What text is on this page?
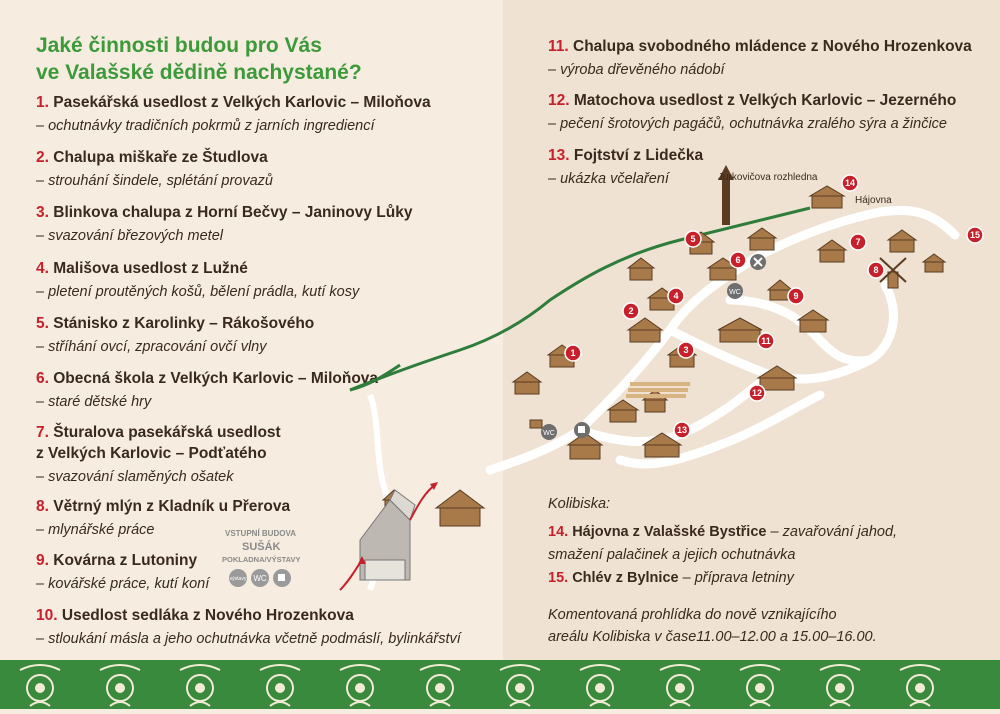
Jaké činnosti budou pro Vás
ve Valašské dědině nachystané?
1. Pasekářská usedlost z Velkých Karlovic – Miloňova
– ochutnávky tradičních pokrmů z jarních ingrediencí
2. Chalupa miškaře ze Študlova
– strouhání šindele, splétání provazů
3. Blinkova chalupa z Horní Bečvy – Janinovy Lůky
– svazování březových metel
4. Mališova usedlost z Lužné
– pletení proutěných košů, bělení prádla, kutí kosy
5. Stánisko z Karolinky – Rákošového
– stříhání ovcí, zpracování ovčí vlny
6. Obecná škola z Velkých Karlovic – Miloňova
– staré dětské hry
7. Šturalova pasekářská usedlost
z Velkých Karlovic – Podťatého
– svazování slaměných ošatek
8. Větrný mlýn z Kladník u Přerova
– mlynářské práce
9. Kovárna z Lutoniny
– kovářské práce, kutí koní
10. Usedlost sedláka z Nového Hrozenkova
– stloukání másla a jeho ochutnávka včetně podmáslí, bylinkářství
11. Chalupa svobodného mládence z Nového Hrozenkova
– výroba dřevěného nádobí
12. Matochova usedlost z Velkých Karlovic – Jezerného
– pečení šrotových pagáčů, ochutnávka zralého sýra a žinčice
13. Fojtství z Lidečka
– ukázka včelaření	Jurkovičova rozhledna
Hájovna
VSTUPNÍ BUDOVA
SUŠÁK
POKLADNA/VÝSTAVY
výstavy WC
WC
WC
1
2
3
4
5
6
7
8
9
11
12
13
14
15
Kolibiska:
14. Hájovna z Valašské Bystřice – zavařování jahod,
smažení palačinek a jejich ochutnávka
15. Chlév z Bylnice – příprava letniny
Komentovaná prohlídka do nově vznikajícího
areálu Kolibiska v čase11.00–12.00 a 15.00–16.00.
